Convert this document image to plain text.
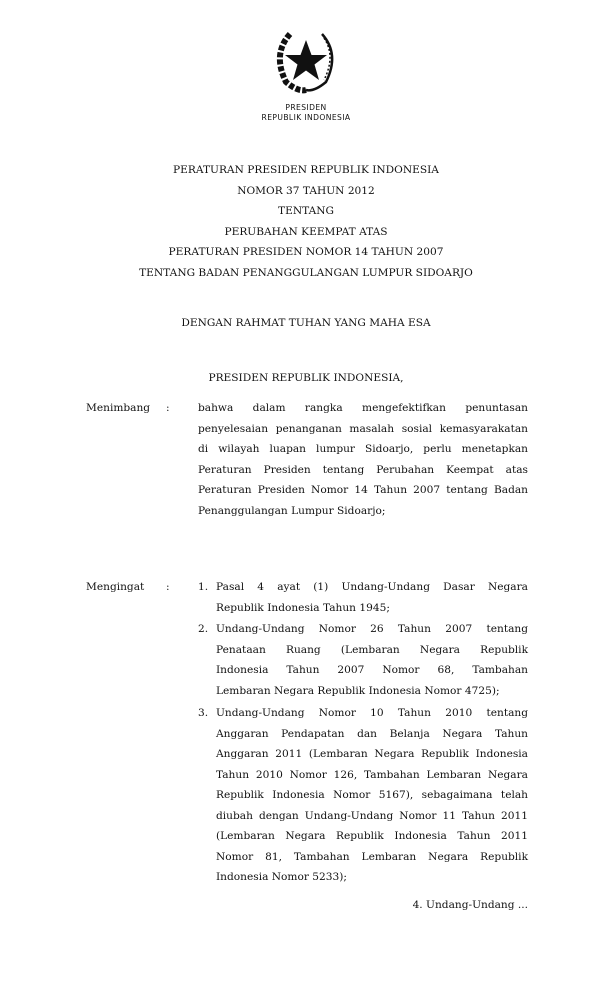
PRESIDEN
REPUBLIK INDONESIA
PERATURAN PRESIDEN REPUBLIK INDONESIA
NOMOR 37 TAHUN 2012
TENTANG
PERUBAHAN KEEMPAT ATAS
PERATURAN PRESIDEN NOMOR 14 TAHUN 2007
TENTANG BADAN PENANGGULANGAN LUMPUR SIDOARJO
DENGAN RAHMAT TUHAN YANG MAHA ESA
PRESIDEN REPUBLIK INDONESIA,
Menimbang :	bahwa dalam rangka mengefektifkan penuntasan
penyelesaian penanganan masalah sosial kemasyarakatan
di wilayah luapan lumpur Sidoarjo, perlu menetapkan
Peraturan Presiden tentang Perubahan Keempat atas
Peraturan Presiden Nomor 14 Tahun 2007 tentang Badan
Penanggulangan Lumpur Sidoarjo;
Mengingat :	1. Pasal 4 ayat (1) Undang-Undang Dasar Negara
Republik Indonesia Tahun 1945;
2. Undang-Undang Nomor 26 Tahun 2007 tentang
Penataan Ruang (Lembaran Negara Republik
Indonesia Tahun 2007 Nomor 68, Tambahan
Lembaran Negara Republik Indonesia Nomor 4725);
3. Undang-Undang Nomor 10 Tahun 2010 tentang
Anggaran Pendapatan dan Belanja Negara Tahun
Anggaran 2011 (Lembaran Negara Republik Indonesia
Tahun 2010 Nomor 126, Tambahan Lembaran Negara
Republik Indonesia Nomor 5167), sebagaimana telah
diubah dengan Undang-Undang Nomor 11 Tahun 2011
(Lembaran Negara Republik Indonesia Tahun 2011
Nomor 81, Tambahan Lembaran Negara Republik
Indonesia Nomor 5233);
4. Undang-Undang ...
